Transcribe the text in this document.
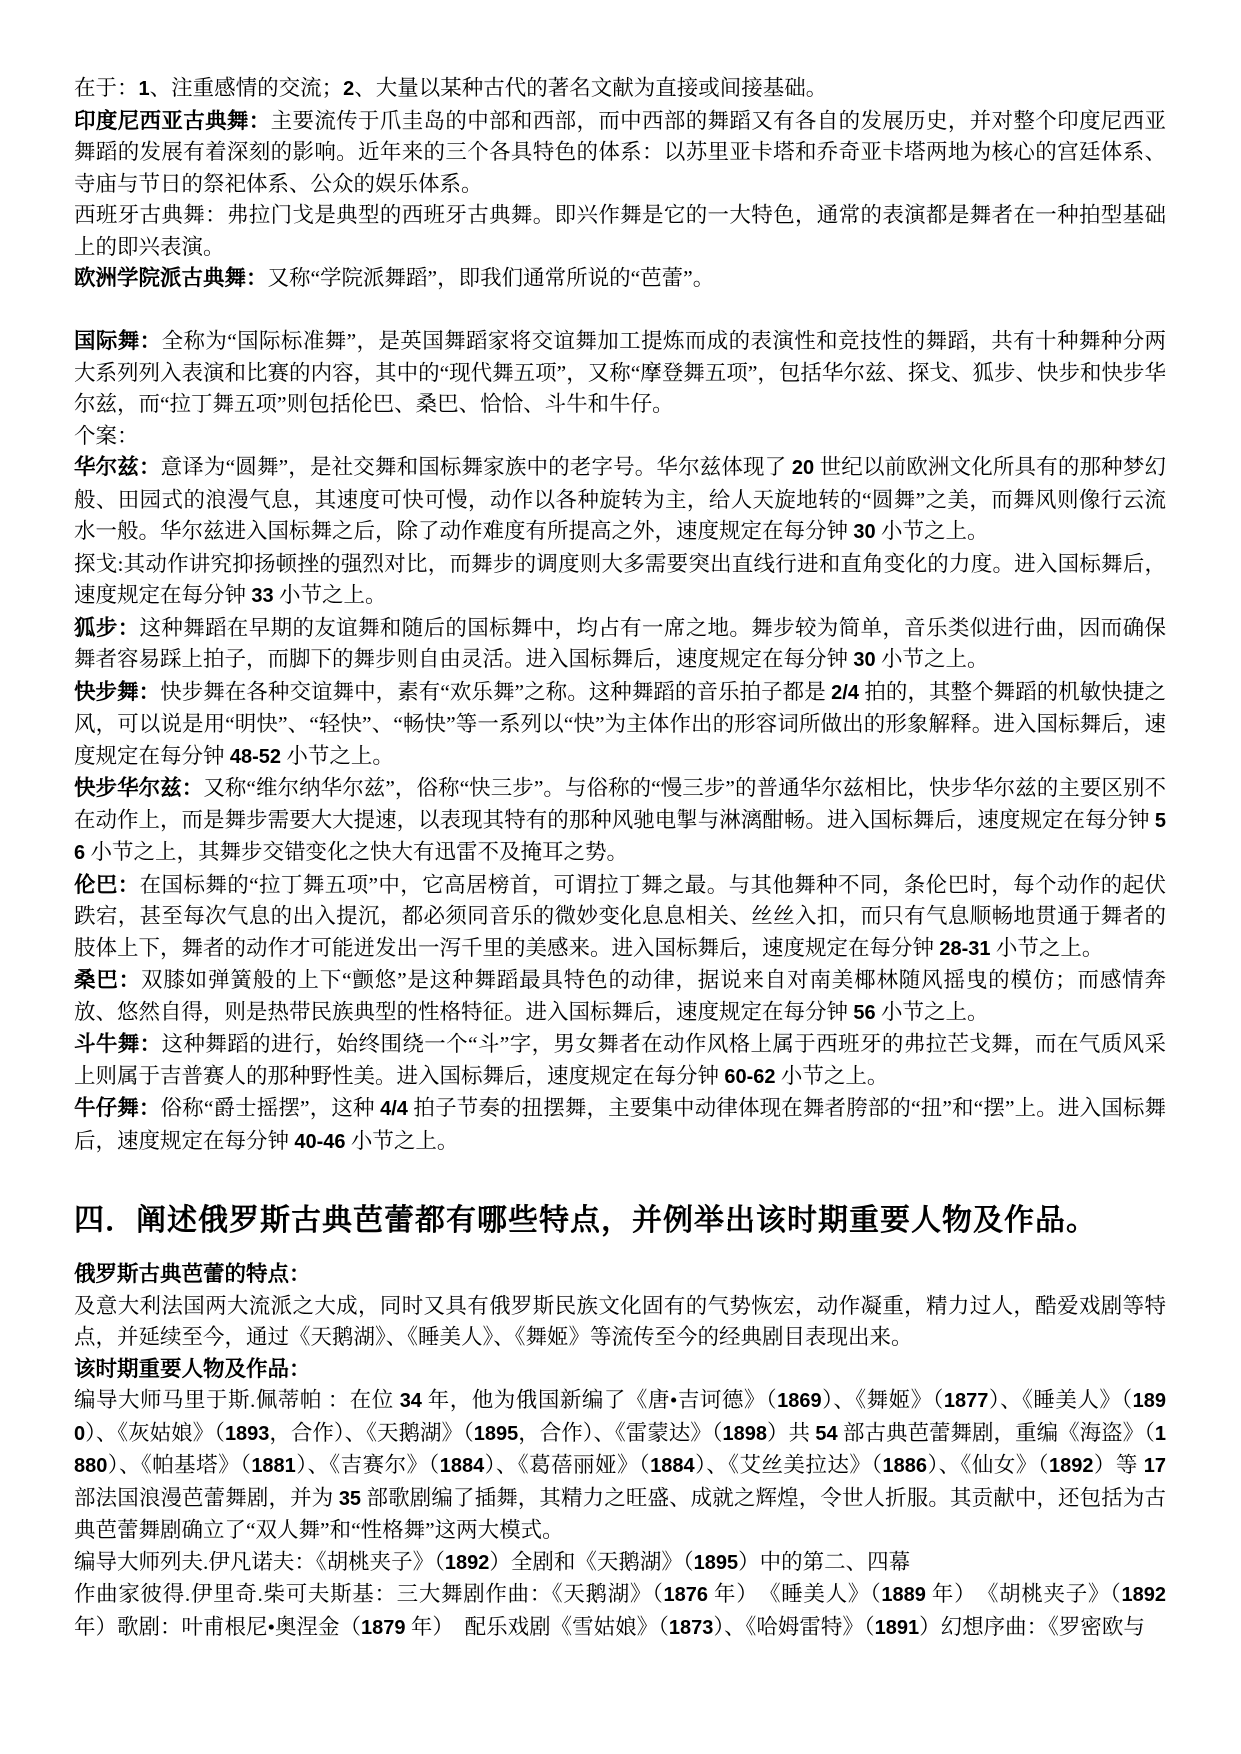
在于：1、注重感情的交流；2、大量以某种古代的著名文献为直接或间接基础。
印度尼西亚古典舞：主要流传于爪圭岛的中部和西部，而中西部的舞蹈又有各自的发展历史，并对整个印度尼西亚舞蹈的发展有着深刻的影响。近年来的三个各具特色的体系：以苏里亚卡塔和乔奇亚卡塔两地为核心的宫廷体系、寺庙与节日的祭祀体系、公众的娱乐体系。
西班牙古典舞：弗拉门戈是典型的西班牙古典舞。即兴作舞是它的一大特色，通常的表演都是舞者在一种拍型基础上的即兴表演。
欧洲学院派古典舞：又称“学院派舞蹈”，即我们通常所说的“芭蕾”。

国际舞：全称为“国际标准舞”，是英国舞蹈家将交谊舞加工提炼而成的表演性和竞技性的舞蹈，共有十种舞种分两大系列列入表演和比赛的内容，其中的“现代舞五项”，又称“摩登舞五项”，包括华尔兹、探戈、狐步、快步和快步华尔兹，而“拉丁舞五项”则包括伦巴、桑巴、恰恰、斗牛和牛仔。
个案：
华尔兹：意译为“圆舞”，是社交舞和国标舞家族中的老字号。华尔兹体现了 20 世纪以前欧洲文化所具有的那种梦幻般、田园式的浪漫气息，其速度可快可慢，动作以各种旋转为主，给人天旋地转的“圆舞”之美，而舞风则像行云流水一般。华尔兹进入国标舞之后，除了动作难度有所提高之外，速度规定在每分钟 30 小节之上。
探戈:其动作讲究抑扬顿挫的强烈对比，而舞步的调度则大多需要突出直线行进和直角变化的力度。进入国标舞后，速度规定在每分钟 33 小节之上。
狐步：这种舞蹈在早期的友谊舞和随后的国标舞中，均占有一席之地。舞步较为简单，音乐类似进行曲，因而确保舞者容易踩上拍子，而脚下的舞步则自由灵活。进入国标舞后，速度规定在每分钟 30 小节之上。
快步舞：快步舞在各种交谊舞中，素有“欢乐舞”之称。这种舞蹈的音乐拍子都是 2/4 拍的，其整个舞蹈的机敏快捷之风，可以说是用“明快”、“轻快”、“畅快”等一系列以“快”为主体作出的形容词所做出的形象解释。进入国标舞后，速度规定在每分钟 48-52 小节之上。
快步华尔兹：又称“维尔纳华尔兹”，俗称“快三步”。与俗称的“慢三步”的普通华尔兹相比，快步华尔兹的主要区别不在动作上，而是舞步需要大大提速，以表现其特有的那种风驰电掣与淋漓酣畅。进入国标舞后，速度规定在每分钟 56 小节之上，其舞步交错变化之快大有迅雷不及掩耳之势。
伦巴：在国标舞的“拉丁舞五项”中，它高居榜首，可谓拉丁舞之最。与其他舞种不同，条伦巴时，每个动作的起伏跌宕，甚至每次气息的出入提沉，都必须同音乐的微妙变化息息相关、丝丝入扣，而只有气息顺畅地贯通于舞者的肢体上下，舞者的动作才可能迸发出一泻千里的美感来。进入国标舞后，速度规定在每分钟 28-31 小节之上。
桑巴：双膝如弹簧般的上下“颤悠”是这种舞蹈最具特色的动律，据说来自对南美椰林随风摇曳的模仿；而感情奔放、悠然自得，则是热带民族典型的性格特征。进入国标舞后，速度规定在每分钟 56 小节之上。
斗牛舞：这种舞蹈的进行，始终围绕一个“斗”字，男女舞者在动作风格上属于西班牙的弗拉芒戈舞，而在气质风采上则属于吉普赛人的那种野性美。进入国标舞后，速度规定在每分钟 60-62 小节之上。
牛仔舞：俗称“爵士摇摆”，这种 4/4 拍子节奏的扭摆舞，主要集中动律体现在舞者胯部的“扭”和“摆”上。进入国标舞后，速度规定在每分钟 40-46 小节之上。
四．阐述俄罗斯古典芭蕾都有哪些特点，并例举出该时期重要人物及作品。
俄罗斯古典芭蕾的特点：
及意大利法国两大流派之大成，同时又具有俄罗斯民族文化固有的气势恢宏，动作凝重，精力过人，酷爱戏剧等特点，并延续至今，通过《天鹅湖》、《睡美人》、《舞姬》等流传至今的经典剧目表现出来。
该时期重要人物及作品：
编导大师马里于斯.佩蒂帕 ：在位 34 年，他为俄国新编了《唐•吉诃德》（1869）、《舞姬》（1877）、《睡美人》（1890）、《灰姑娘》（1893，合作）、《天鹅湖》（1895，合作）、《雷蒙达》（1898）共 54 部古典芭蕾舞剧，重编《海盗》（1880）、《帕基塔》（1881）、《吉赛尔》（1884）、《葛蓓丽娅》（1884）、《艾丝美拉达》（1886）、《仙女》（1892）等 17 部法国浪漫芭蕾舞剧，并为 35 部歌剧编了插舞，其精力之旺盛、成就之辉煌，令世人折服。其贡献中，还包括为古典芭蕾舞剧确立了“双人舞”和“性格舞”这两大模式。
编导大师列夫.伊凡诺夫：《胡桃夹子》（1892）全剧和《天鹅湖》（1895）中的第二、四幕
作曲家彼得.伊里奇.柴可夫斯基：三大舞剧作曲：《天鹅湖》（1876 年）　《睡美人》（1889 年）　《胡桃夹子》（1892 年）歌剧：叶甫根尼•奥涅金（1879 年）　配乐戏剧《雪姑娘》（1873）、《哈姆雷特》（1891）幻想序曲：《罗密欧与
